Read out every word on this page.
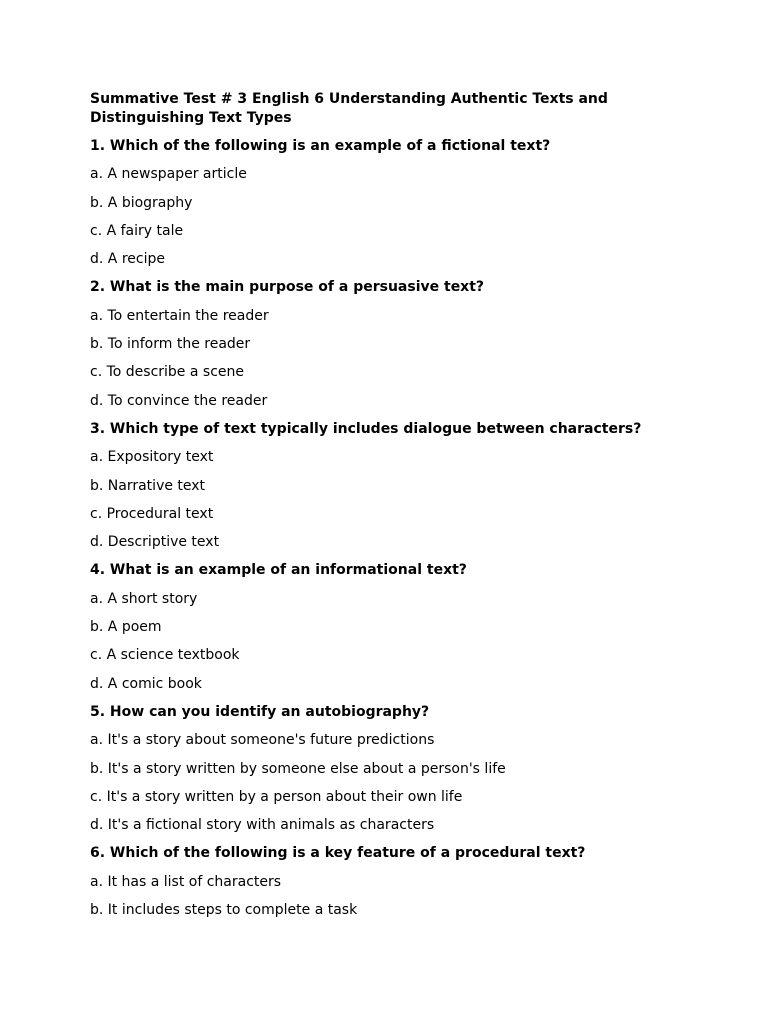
Summative Test # 3 English 6 Understanding Authentic Texts and Distinguishing Text Types
1. Which of the following is an example of a fictional text?
a. A newspaper article
b. A biography
c. A fairy tale
d. A recipe
2. What is the main purpose of a persuasive text?
a. To entertain the reader
b. To inform the reader
c. To describe a scene
d. To convince the reader
3. Which type of text typically includes dialogue between characters?
a. Expository text
b. Narrative text
c. Procedural text
d. Descriptive text
4. What is an example of an informational text?
a. A short story
b. A poem
c. A science textbook
d. A comic book
5. How can you identify an autobiography?
a. It's a story about someone's future predictions
b. It's a story written by someone else about a person's life
c. It's a story written by a person about their own life
d. It's a fictional story with animals as characters
6. Which of the following is a key feature of a procedural text?
a. It has a list of characters
b. It includes steps to complete a task
